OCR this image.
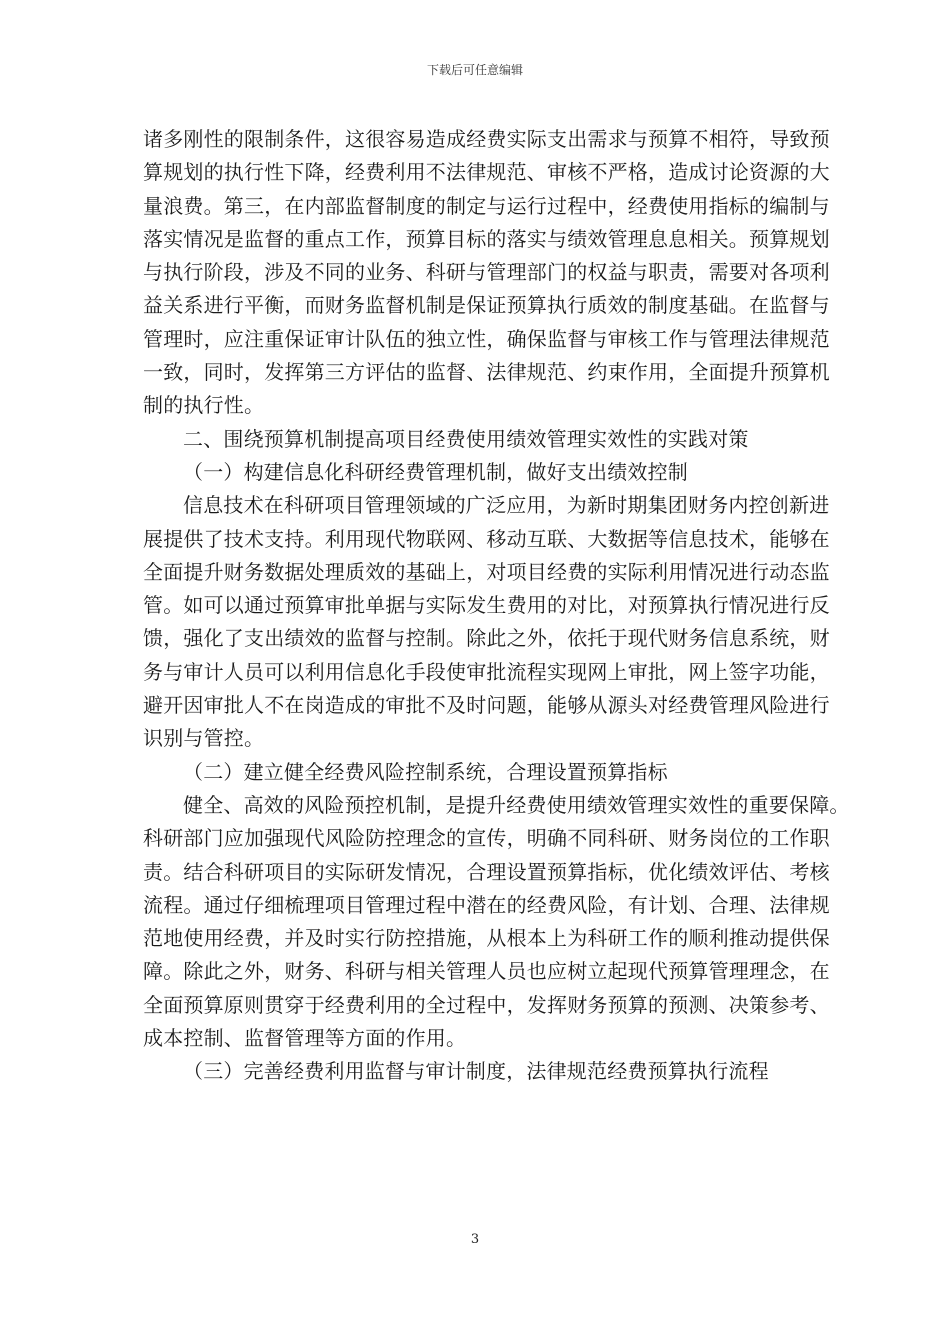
下载后可任意编辑
诸多刚性的限制条件，这很容易造成经费实际支出需求与预算不相符，导致预
算规划的执行性下降，经费利用不法律规范、审核不严格，造成讨论资源的大
量浪费。第三，在内部监督制度的制定与运行过程中，经费使用指标的编制与
落实情况是监督的重点工作，预算目标的落实与绩效管理息息相关。预算规划
与执行阶段，涉及不同的业务、科研与管理部门的权益与职责，需要对各项利
益关系进行平衡，而财务监督机制是保证预算执行质效的制度基础。在监督与
管理时，应注重保证审计队伍的独立性，确保监督与审核工作与管理法律规范
一致，同时，发挥第三方评估的监督、法律规范、约束作用，全面提升预算机
制的执行性。
二、围绕预算机制提高项目经费使用绩效管理实效性的实践对策
（一）构建信息化科研经费管理机制，做好支出绩效控制
信息技术在科研项目管理领域的广泛应用，为新时期集团财务内控创新进
展提供了技术支持。利用现代物联网、移动互联、大数据等信息技术，能够在
全面提升财务数据处理质效的基础上，对项目经费的实际利用情况进行动态监
管。如可以通过预算审批单据与实际发生费用的对比，对预算执行情况进行反
馈，强化了支出绩效的监督与控制。除此之外，依托于现代财务信息系统，财
务与审计人员可以利用信息化手段使审批流程实现网上审批，网上签字功能，
避开因审批人不在岗造成的审批不及时问题，能够从源头对经费管理风险进行
识别与管控。
（二）建立健全经费风险控制系统，合理设置预算指标
健全、高效的风险预控机制，是提升经费使用绩效管理实效性的重要保障。
科研部门应加强现代风险防控理念的宣传，明确不同科研、财务岗位的工作职
责。结合科研项目的实际研发情况，合理设置预算指标，优化绩效评估、考核
流程。通过仔细梳理项目管理过程中潜在的经费风险，有计划、合理、法律规
范地使用经费，并及时实行防控措施，从根本上为科研工作的顺利推动提供保
障。除此之外，财务、科研与相关管理人员也应树立起现代预算管理理念，在
全面预算原则贯穿于经费利用的全过程中，发挥财务预算的预测、决策参考、
成本控制、监督管理等方面的作用。
（三）完善经费利用监督与审计制度，法律规范经费预算执行流程
3
